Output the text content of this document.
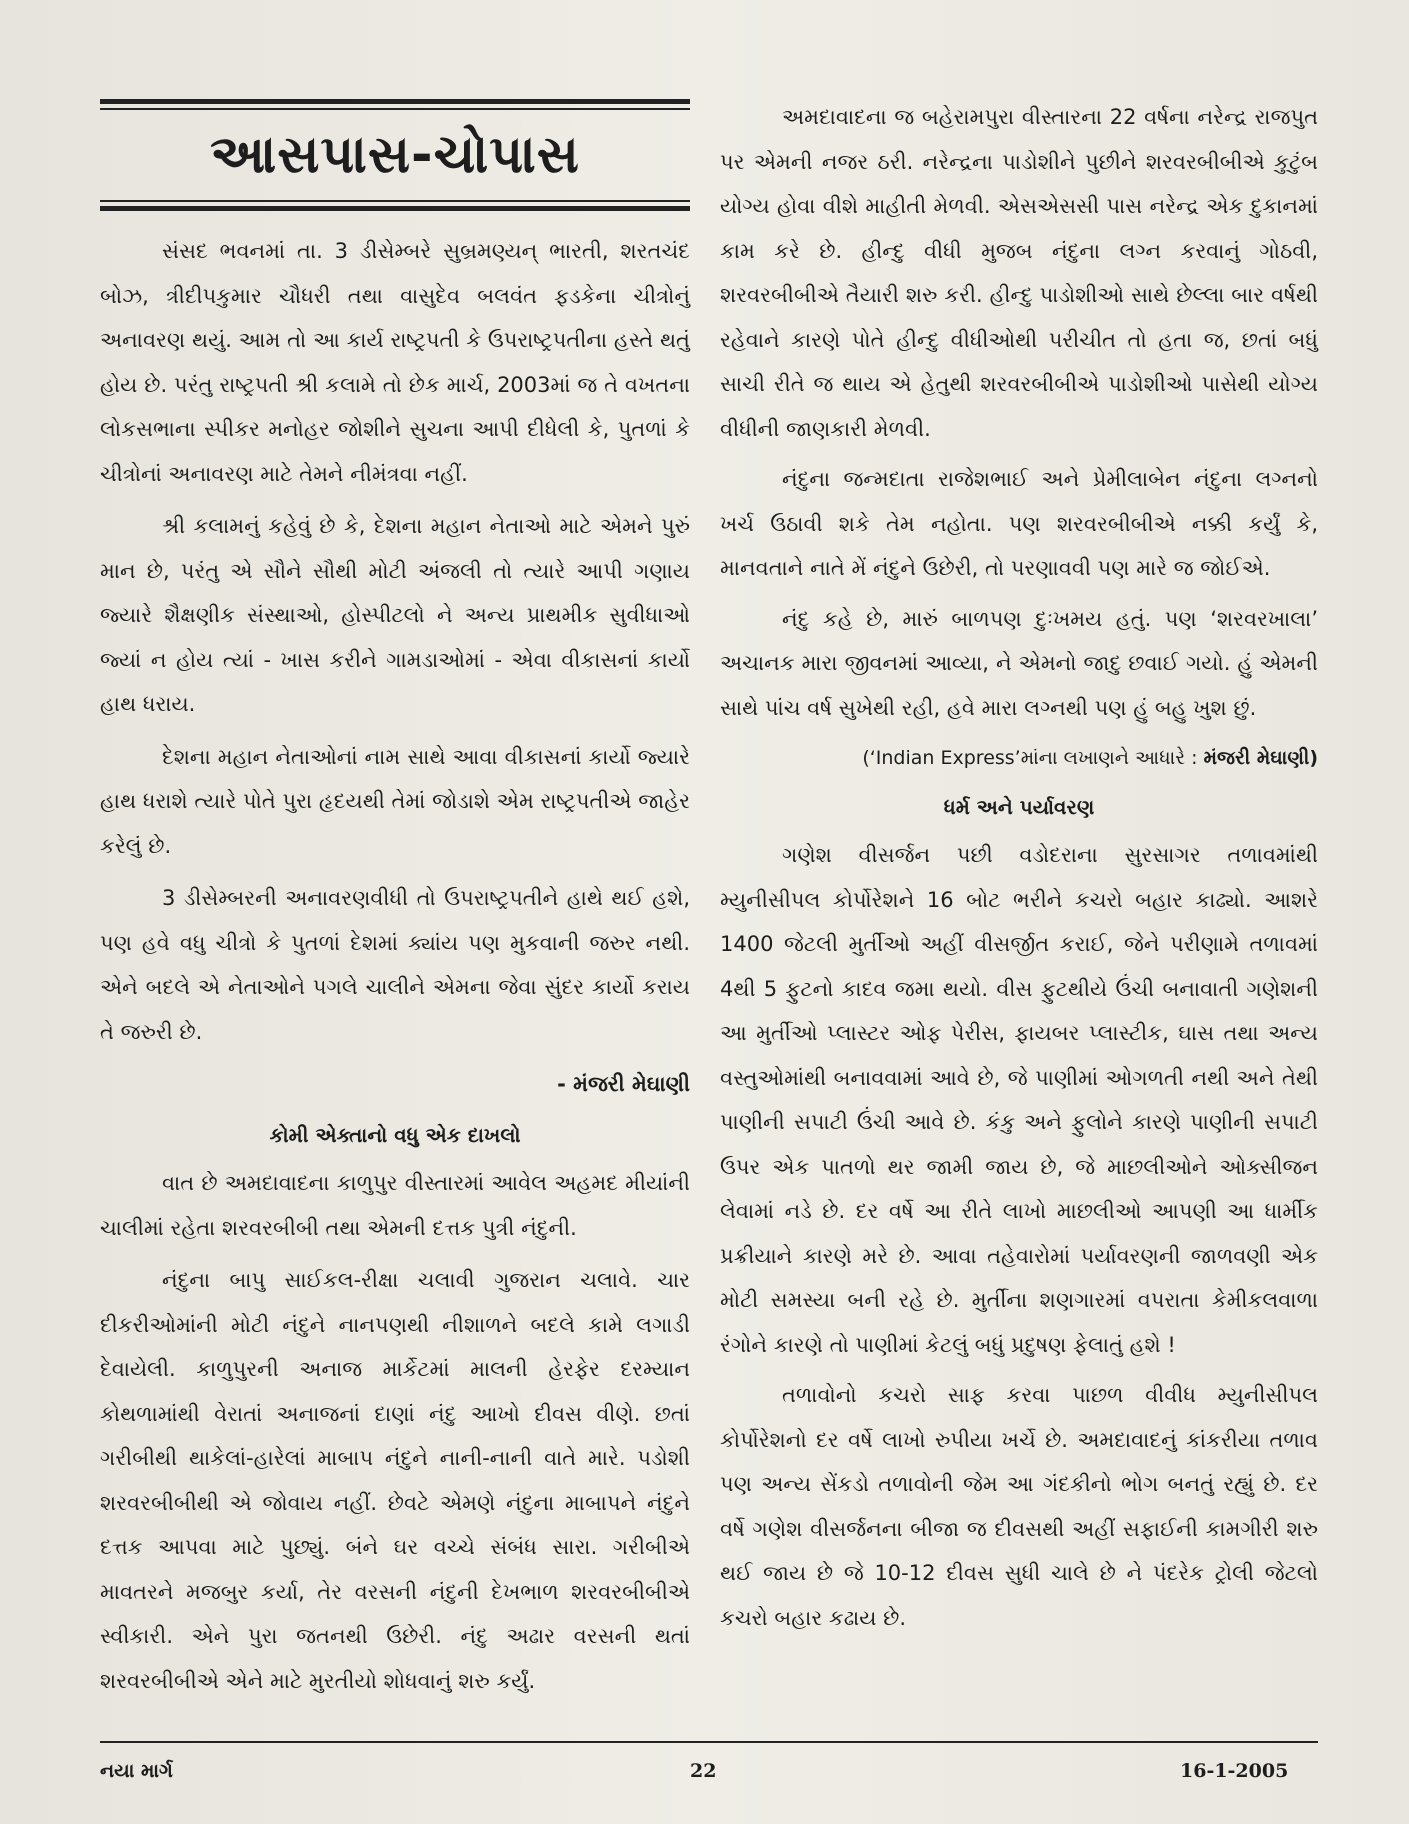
આસપાસ-ચોપાસ

સંસદ ભવનમાં તા. 3 ડીસેમ્બરે સુબ્રમણ્યન્ ભારતી, શરતચંદ બોઝ, ત્રીદીપકુમાર ચૌધરી તથા વાસુદેવ બલવંત ફડકેના ચીત્રોનું અનાવરણ થયું. આમ તો આ કાર્ય રાષ્ટ્રપતી કે ઉપરાષ્ટ્રપતીના હસ્તે થતું હોય છે. પરંતુ રાષ્ટ્રપતી શ્રી કલામે તો છેક માર્ચ, 2003માં જ તે વખતના લોકસભાના સ્પીકર મનોહર જોશીને સુચના આપી દીધેલી કે, પુતળાં કે ચીત્રોનાં અનાવરણ માટે તેમને નીમંત્રવા નહીં.

શ્રી કલામનું કહેવું છે કે, દેશના મહાન નેતાઓ માટે એમને પુરું માન છે, પરંતુ એ સૌને સૌથી મોટી અંજલી તો ત્યારે આપી ગણાય જ્યારે શૈક્ષણીક સંસ્થાઓ, હોસ્પીટલો ને અન્ય પ્રાથમીક સુવીધાઓ જ્યાં ન હોય ત્યાં - ખાસ કરીને ગામડાઓમાં - એવા વીકાસનાં કાર્યો હાથ ધરાય.

દેશના મહાન નેતાઓનાં નામ સાથે આવા વીકાસનાં કાર્યો જ્યારે હાથ ધરાશે ત્યારે પોતે પુરા હૃદયથી તેમાં જોડાશે એમ રાષ્ટ્રપતીએ જાહેર કરેલું છે.

3 ડીસેમ્બરની અનાવરણવીધી તો ઉપરાષ્ટ્રપતીને હાથે થઈ હશે, પણ હવે વધુ ચીત્રો કે પુતળાં દેશમાં ક્યાંય પણ મુકવાની જરુર નથી. એને બદલે એ નેતાઓને પગલે ચાલીને એમના જેવા સુંદર કાર્યો કરાય તે જરુરી છે.

- મંજરી મેઘાણી
કોમી એક્તાનો વધુ એક દાખલો

વાત છે અમદાવાદના કાળુપુર વીસ્તારમાં આવેલ અહમદ મીયાંની ચાલીમાં રહેતા શરવરબીબી તથા એમની દત્તક પુત્રી નંદુની.

નંદુના બાપુ સાઈકલ-રીક્ષા ચલાવી ગુજરાન ચલાવે. ચાર દીકરીઓમાંની મોટી નંદુને નાનપણથી નીશાળને બદલે કામે લગાડી દેવાયેલી. કાળુપુરની અનાજ માર્કેટમાં માલની હેરફેર દરમ્યાન કોથળામાંથી વેરાતાં અનાજનાં દાણાં નંદુ આખો દીવસ વીણે. છતાં ગરીબીથી થાકેલાં-હારેલાં માબાપ નંદુને નાની-નાની વાતે મારે. પડોશી શરવરબીબીથી એ જોવાય નહીં. છેવટે એમણે નંદુના માબાપને નંદુને દત્તક આપવા માટે પુછ્યું. બંને ઘર વચ્ચે સંબંધ સારા. ગરીબીએ માવતરને મજબુર કર્યા, તેર વરસની નંદુની દેખભાળ શરવરબીબીએ સ્વીકારી. એને પુરા જતનથી ઉછેરી. નંદુ અઢાર વરસની થતાં શરવરબીબીએ એને માટે મુરતીયો શોધવાનું શરુ કર્યું.

અમદાવાદના જ બહેરામપુરા વીસ્તારના 22 વર્ષના નરેન્દ્ર રાજપુત પર એમની નજર ઠરી. નરેન્દ્રના પાડોશીને પુછીને શરવરબીબીએ કુટુંબ યોગ્ય હોવા વીશે માહીતી મેળવી. એસએસસી પાસ નરેન્દ્ર એક દુકાનમાં કામ કરે છે. હીન્દુ વીધી મુજબ નંદુના લગ્ન કરવાનું ગોઠવી, શરવરબીબીએ તૈયારી શરુ કરી. હીન્દુ પાડોશીઓ સાથે છેલ્લા બાર વર્ષથી રહેવાને કારણે પોતે હીન્દુ વીધીઓથી પરીચીત તો હતા જ, છતાં બધું સાચી રીતે જ થાય એ હેતુથી શરવરબીબીએ પાડોશીઓ પાસેથી યોગ્ય વીધીની જાણકારી મેળવી.

નંદુના જન્મદાતા રાજેશભાઈ અને પ્રેમીલાબેન નંદુના લગ્નનો ખર્ચ ઉઠાવી શકે તેમ નહોતા. પણ શરવરબીબીએ નક્કી કર્યું કે, માનવતાને નાતે મેં નંદુને ઉછેરી, તો પરણાવવી પણ મારે જ જોઈએ.

નંદુ કહે છે, મારું બાળપણ દુઃખમય હતું. પણ ‘શરવરખાલા’ અચાનક મારા જીવનમાં આવ્યા, ને એમનો જાદુ છવાઈ ગયો. હું એમની સાથે પાંચ વર્ષ સુખેથી રહી, હવે મારા લગ્નથી પણ હું બહુ ખુશ છું.

(‘Indian Express’માંના લખાણને આધારે : મંજરી મેઘાણી)
ધર્મ અને પર્યાવરણ

ગણેશ વીસર્જન પછી વડોદરાના સુરસાગર તળાવમાંથી મ્યુનીસીપલ કોર્પોરેશને 16 બોટ ભરીને કચરો બહાર કાઢ્યો. આશરે 1400 જેટલી મુર્તીઓ અહીં વીસર્જીત કરાઈ, જેને પરીણામે તળાવમાં 4થી 5 ફુટનો કાદવ જમા થયો. વીસ ફુટથીયે ઉંચી બનાવાતી ગણેશની આ મુર્તીઓ પ્લાસ્ટર ઓફ પેરીસ, ફાયબર પ્લાસ્ટીક, ઘાસ તથા અન્ય વસ્તુઓમાંથી બનાવવામાં આવે છે, જે પાણીમાં ઓગળતી નથી અને તેથી પાણીની સપાટી ઉંચી આવે છે. કંકુ અને ફુલોને કારણે પાણીની સપાટી ઉપર એક પાતળો થર જામી જાય છે, જે માછલીઓને ઓક્સીજન લેવામાં નડે છે. દર વર્ષે આ રીતે લાખો માછલીઓ આપણી આ ધાર્મીક પ્રક્રીયાને કારણે મરે છે. આવા તહેવારોમાં પર્યાવરણની જાળવણી એક મોટી સમસ્યા બની રહે છે. મુર્તીના શણગારમાં વપરાતા કેમીકલવાળા રંગોને કારણે તો પાણીમાં કેટલું બધું પ્રદુષણ ફેલાતું હશે !

તળાવોનો કચરો સાફ કરવા પાછળ વીવીધ મ્યુનીસીપલ કોર્પોરેશનો દર વર્ષે લાખો રુપીયા ખર્ચે છે. અમદાવાદનું કાંકરીયા તળાવ પણ અન્ય સેંકડો તળાવોની જેમ આ ગંદકીનો ભોગ બનતું રહ્યું છે. દર વર્ષે ગણેશ વીસર્જનના બીજા જ દીવસથી અહીં સફાઈની કામગીરી શરુ થઈ જાય છે જે 10-12 દીવસ સુધી ચાલે છે ને પંદરેક ટ્રોલી જેટલો કચરો બહાર કઢાય છે.

નયા માર્ગ	22	16-1-2005
